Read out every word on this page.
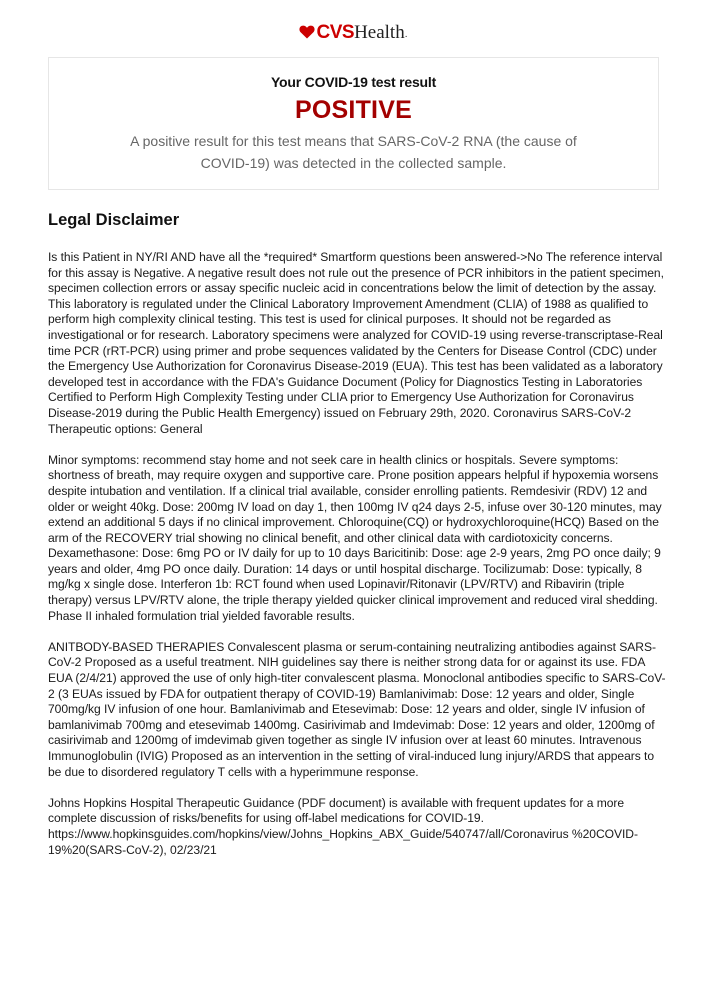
CVSHealth.
Your COVID-19 test result
POSITIVE
A positive result for this test means that SARS-CoV-2 RNA (the cause of COVID-19) was detected in the collected sample.
Legal Disclaimer

Is this Patient in NY/RI AND have all the *required* Smartform questions been answered->No The reference interval for this assay is Negative. A negative result does not rule out the presence of PCR inhibitors in the patient specimen, specimen collection errors or assay specific nucleic acid in concentrations below the limit of detection by the assay. This laboratory is regulated under the Clinical Laboratory Improvement Amendment (CLIA) of 1988 as qualified to perform high complexity clinical testing. This test is used for clinical purposes. It should not be regarded as investigational or for research. Laboratory specimens were analyzed for COVID-19 using reverse-transcriptase-Real time PCR (rRT-PCR) using primer and probe sequences validated by the Centers for Disease Control (CDC) under the Emergency Use Authorization for Coronavirus Disease-2019 (EUA). This test has been validated as a laboratory developed test in accordance with the FDA's Guidance Document (Policy for Diagnostics Testing in Laboratories Certified to Perform High Complexity Testing under CLIA prior to Emergency Use Authorization for Coronavirus Disease-2019 during the Public Health Emergency) issued on February 29th, 2020. Coronavirus SARS-CoV-2 Therapeutic options: General

Minor symptoms: recommend stay home and not seek care in health clinics or hospitals. Severe symptoms: shortness of breath, may require oxygen and supportive care. Prone position appears helpful if hypoxemia worsens despite intubation and ventilation. If a clinical trial available, consider enrolling patients. Remdesivir (RDV) 12 and older or weight 40kg. Dose: 200mg IV load on day 1, then 100mg IV q24 days 2-5, infuse over 30-120 minutes, may extend an additional 5 days if no clinical improvement. Chloroquine(CQ) or hydroxychloroquine(HCQ) Based on the arm of the RECOVERY trial showing no clinical benefit, and other clinical data with cardiotoxicity concerns. Dexamethasone: Dose: 6mg PO or IV daily for up to 10 days Baricitinib: Dose: age 2-9 years, 2mg PO once daily; 9 years and older, 4mg PO once daily. Duration: 14 days or until hospital discharge. Tocilizumab: Dose: typically, 8 mg/kg x single dose. Interferon 1b: RCT found when used Lopinavir/Ritonavir (LPV/RTV) and Ribavirin (triple therapy) versus LPV/RTV alone, the triple therapy yielded quicker clinical improvement and reduced viral shedding. Phase II inhaled formulation trial yielded favorable results.

ANITBODY-BASED THERAPIES Convalescent plasma or serum-containing neutralizing antibodies against SARS-CoV-2 Proposed as a useful treatment. NIH guidelines say there is neither strong data for or against its use. FDA EUA (2/4/21) approved the use of only high-titer convalescent plasma. Monoclonal antibodies specific to SARS-CoV-2 (3 EUAs issued by FDA for outpatient therapy of COVID-19) Bamlanivimab: Dose: 12 years and older, Single 700mg/kg IV infusion of one hour. Bamlanivimab and Etesevimab: Dose: 12 years and older, single IV infusion of bamlanivimab 700mg and etesevimab 1400mg. Casirivimab and Imdevimab: Dose: 12 years and older, 1200mg of casirivimab and 1200mg of imdevimab given together as single IV infusion over at least 60 minutes. Intravenous Immunoglobulin (IVIG) Proposed as an intervention in the setting of viral-induced lung injury/ARDS that appears to be due to disordered regulatory T cells with a hyperimmune response.

Johns Hopkins Hospital Therapeutic Guidance (PDF document) is available with frequent updates for a more complete discussion of risks/benefits for using off-label medications for COVID-19. https://www.hopkinsguides.com/hopkins/view/Johns_Hopkins_ABX_Guide/540747/all/Coronavirus %20COVID-19%20(SARS-CoV-2), 02/23/21
